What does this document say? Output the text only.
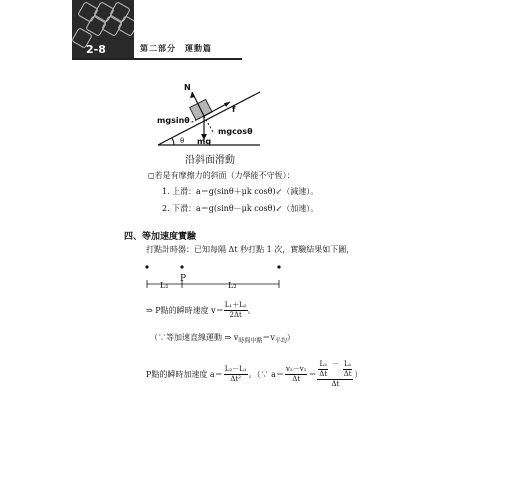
2-8	第二部分　運動篇
N
f
mgsinθ
mgcosθ
mg
θ
沿斜面滑動
◻若是有摩擦力的斜面（力學能不守恆）：
1. 上滑： a＝g(sinθ＋μk cosθ)↙（減速）。
2. 下滑： a＝g(sinθ－μk cosθ)↙（加速）。
四、等加速度實驗
打點計時器：已知每隔 Δt 秒打點 1 次，實驗結果如下圖，
P
L₁	L₂
⇒ P點的瞬時速度 $v= \frac{\text{L₁＋L₂}}{2\Delta t}$ 。
（∵等加速直線運動 ⇒ $v_{時間中點}=v_{平均}$）
P點的瞬時加速度 $a= \frac{\text{L₂－L₁}}{\text{Δt²}}$ 。（∵ $a= \frac{\text{v₂－v₁}}{\Delta t} = \frac{\frac{\text{L₂}}{\Delta t} - \frac{\text{L₁}}{\Delta t}}{\Delta t}$ ）
